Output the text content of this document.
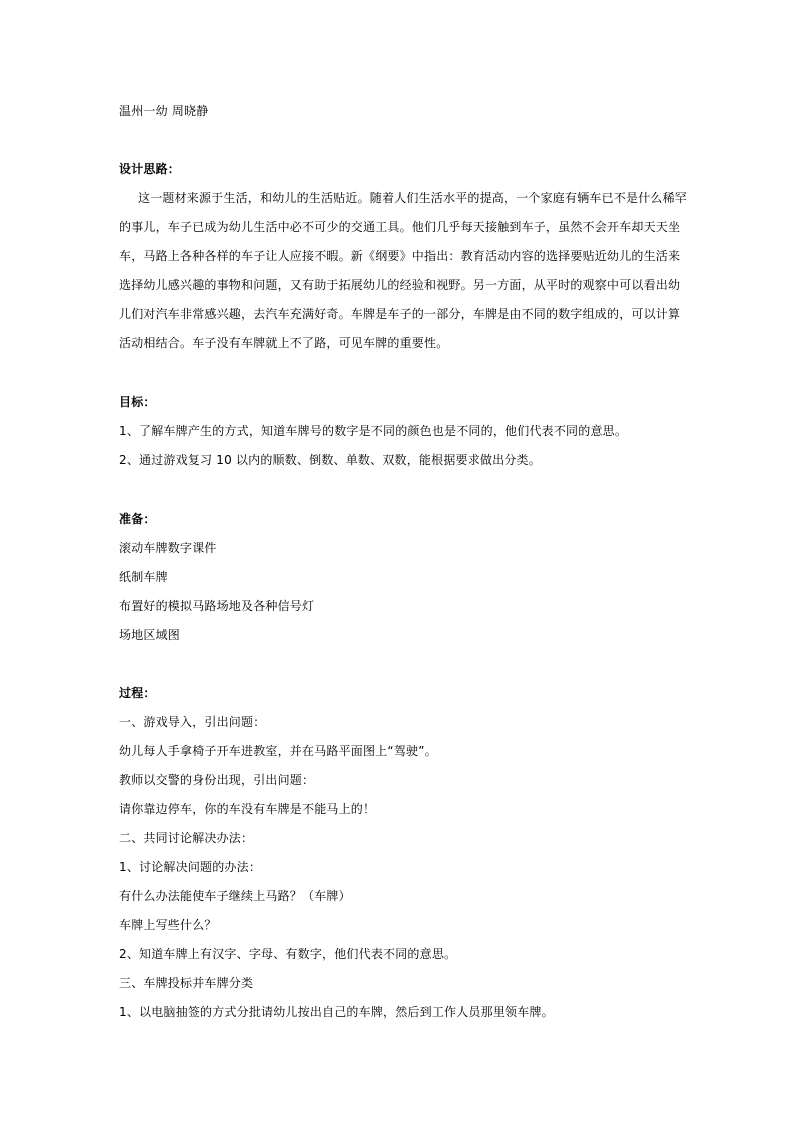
温州一幼 周晓静
设计思路：
这一题材来源于生活，和幼儿的生活贴近。随着人们生活水平的提高，一个家庭有辆车已不是什么稀罕
的事儿，车子已成为幼儿生活中必不可少的交通工具。他们几乎每天接触到车子，虽然不会开车却天天坐
车，马路上各种各样的车子让人应接不暇。新《纲要》中指出：教育活动内容的选择要贴近幼儿的生活来
选择幼儿感兴趣的事物和问题，又有助于拓展幼儿的经验和视野。另一方面，从平时的观察中可以看出幼
儿们对汽车非常感兴趣，去汽车充满好奇。车牌是车子的一部分，车牌是由不同的数字组成的，可以计算
活动相结合。车子没有车牌就上不了路，可见车牌的重要性。
目标：
1、了解车牌产生的方式，知道车牌号的数字是不同的颜色也是不同的，他们代表不同的意思。
2、通过游戏复习 10 以内的顺数、倒数、单数、双数，能根据要求做出分类。
准备：
滚动车牌数字课件
纸制车牌
布置好的模拟马路场地及各种信号灯
场地区域图
过程：
一、游戏导入，引出问题：
幼儿每人手拿椅子开车进教室，并在马路平面图上“驾驶”。
教师以交警的身份出现，引出问题：
请你靠边停车，你的车没有车牌是不能马上的！
二、共同讨论解决办法：
1、讨论解决问题的办法：
有什么办法能使车子继续上马路？（车牌）
车牌上写些什么？
2、知道车牌上有汉字、字母、有数字，他们代表不同的意思。
三、车牌投标并车牌分类
1、以电脑抽签的方式分批请幼儿按出自己的车牌，然后到工作人员那里领车牌。
